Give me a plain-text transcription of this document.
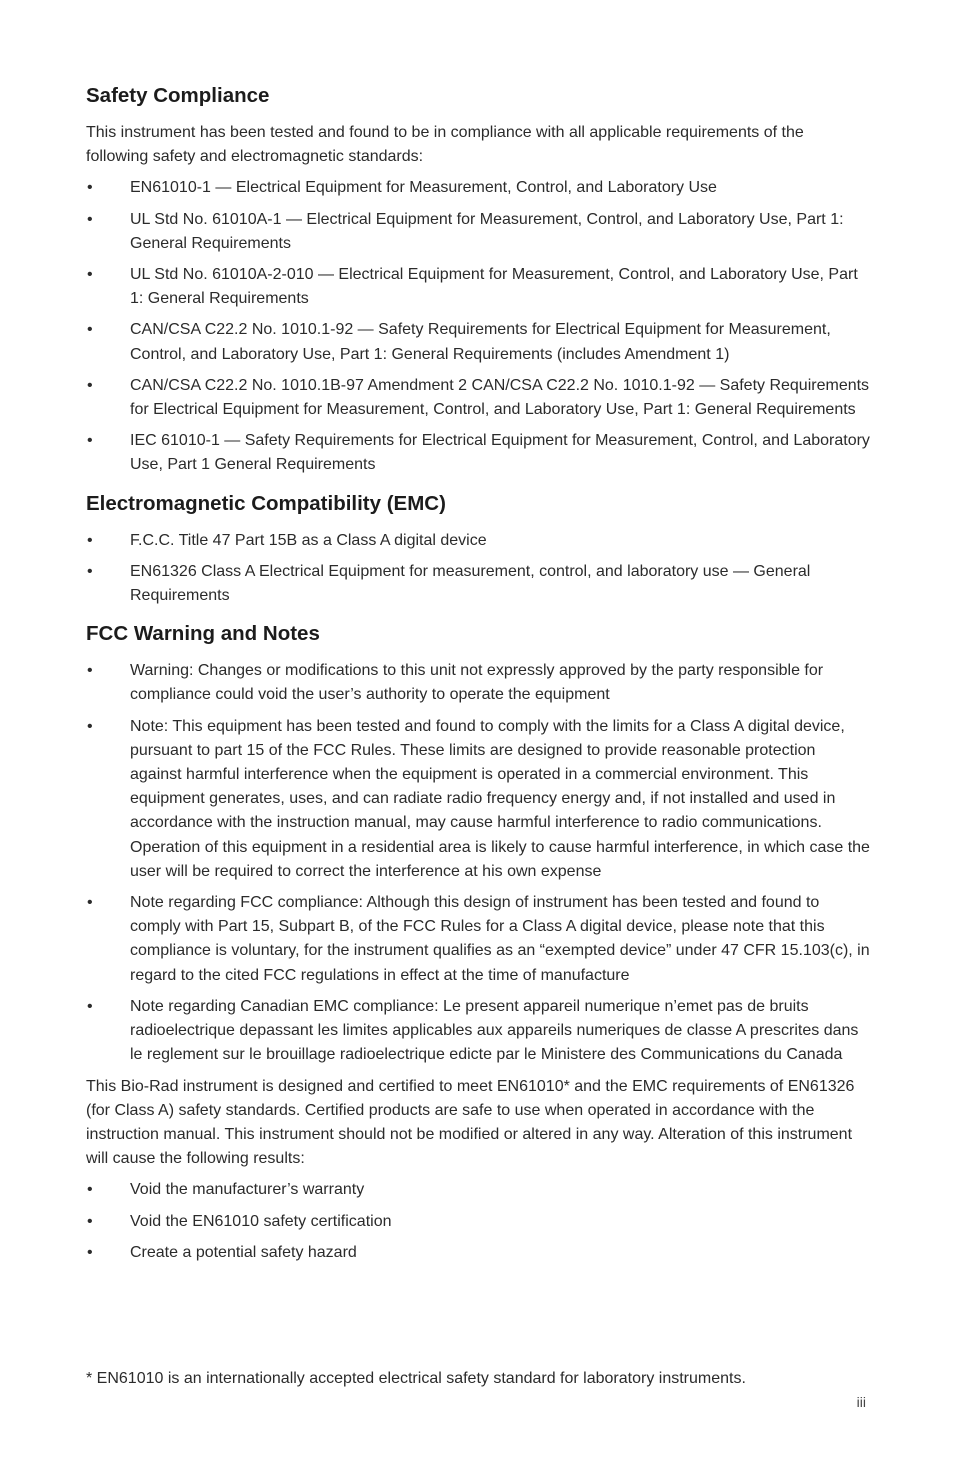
Safety Compliance

This instrument has been tested and found to be in compliance with all applicable requirements of the following safety and electromagnetic standards:

• EN61010-1 — Electrical Equipment for Measurement, Control, and Laboratory Use
• UL Std No. 61010A-1 — Electrical Equipment for Measurement, Control, and Laboratory Use, Part 1: General Requirements
• UL Std No. 61010A-2-010 — Electrical Equipment for Measurement, Control, and Laboratory Use, Part 1: General Requirements
• CAN/CSA C22.2 No. 1010.1-92 — Safety Requirements for Electrical Equipment for Measurement, Control, and Laboratory Use, Part 1: General Requirements (includes Amendment 1)
• CAN/CSA C22.2 No. 1010.1B-97 Amendment 2 CAN/CSA C22.2 No. 1010.1-92 — Safety Requirements for Electrical Equipment for Measurement, Control, and Laboratory Use, Part 1: General Requirements
• IEC 61010-1 — Safety Requirements for Electrical Equipment for Measurement, Control, and Laboratory Use, Part 1 General Requirements
Electromagnetic Compatibility (EMC)
• F.C.C. Title 47 Part 15B as a Class A digital device
• EN61326 Class A Electrical Equipment for measurement, control, and laboratory use — General Requirements
FCC Warning and Notes
• Warning: Changes or modifications to this unit not expressly approved by the party responsible for compliance could void the user’s authority to operate the equipment
• Note: This equipment has been tested and found to comply with the limits for a Class A digital device, pursuant to part 15 of the FCC Rules. These limits are designed to provide reasonable protection against harmful interference when the equipment is operated in a commercial environment. This equipment generates, uses, and can radiate radio frequency energy and, if not installed and used in accordance with the instruction manual, may cause harmful interference to radio communications. Operation of this equipment in a residential area is likely to cause harmful interference, in which case the user will be required to correct the interference at his own expense
• Note regarding FCC compliance: Although this design of instrument has been tested and found to comply with Part 15, Subpart B, of the FCC Rules for a Class A digital device, please note that this compliance is voluntary, for the instrument qualifies as an “exempted device” under 47 CFR 15.103(c), in regard to the cited FCC regulations in effect at the time of manufacture
• Note regarding Canadian EMC compliance: Le present appareil numerique n’emet pas de bruits radioelectrique depassant les limites applicables aux appareils numeriques de classe A prescrites dans le reglement sur le brouillage radioelectrique edicte par le Ministere des Communications du Canada

This Bio-Rad instrument is designed and certified to meet EN61010* and the EMC requirements of EN61326 (for Class A) safety standards. Certified products are safe to use when operated in accordance with the instruction manual. This instrument should not be modified or altered in any way. Alteration of this instrument will cause the following results:

• Void the manufacturer’s warranty
• Void the EN61010 safety certification
• Create a potential safety hazard

* EN61010 is an internationally accepted electrical safety standard for laboratory instruments.

iii
